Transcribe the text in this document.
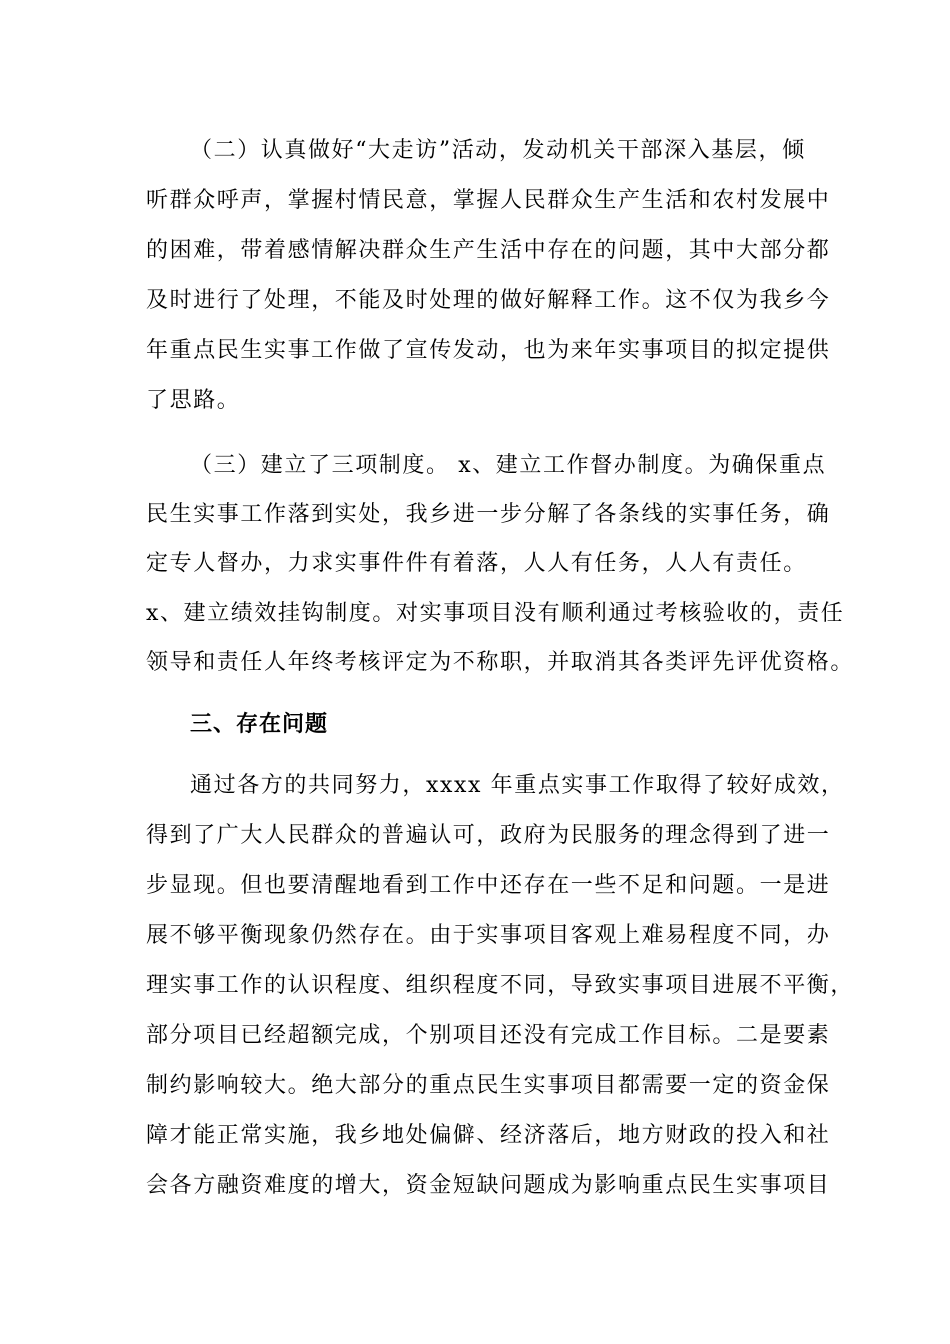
（二）认真做好“大走访”活动，发动机关干部深入基层，倾
听群众呼声，掌握村情民意，掌握人民群众生产生活和农村发展中
的困难，带着感情解决群众生产生活中存在的问题，其中大部分都
及时进行了处理，不能及时处理的做好解释工作。这不仅为我乡今
年重点民生实事工作做了宣传发动，也为来年实事项目的拟定提供
了思路。
（三）建立了三项制度。 x、建立工作督办制度。为确保重点
民生实事工作落到实处，我乡进一步分解了各条线的实事任务，确
定专人督办，力求实事件件有着落，人人有任务，人人有责任。
x、建立绩效挂钩制度。对实事项目没有顺利通过考核验收的，责任
领导和责任人年终考核评定为不称职，并取消其各类评先评优资格。
三、存在问题
通过各方的共同努力，xxxx 年重点实事工作取得了较好成效，
得到了广大人民群众的普遍认可，政府为民服务的理念得到了进一
步显现。但也要清醒地看到工作中还存在一些不足和问题。一是进
展不够平衡现象仍然存在。由于实事项目客观上难易程度不同，办
理实事工作的认识程度、组织程度不同，导致实事项目进展不平衡，
部分项目已经超额完成，个别项目还没有完成工作目标。二是要素
制约影响较大。绝大部分的重点民生实事项目都需要一定的资金保
障才能正常实施，我乡地处偏僻、经济落后，地方财政的投入和社
会各方融资难度的增大，资金短缺问题成为影响重点民生实事项目
